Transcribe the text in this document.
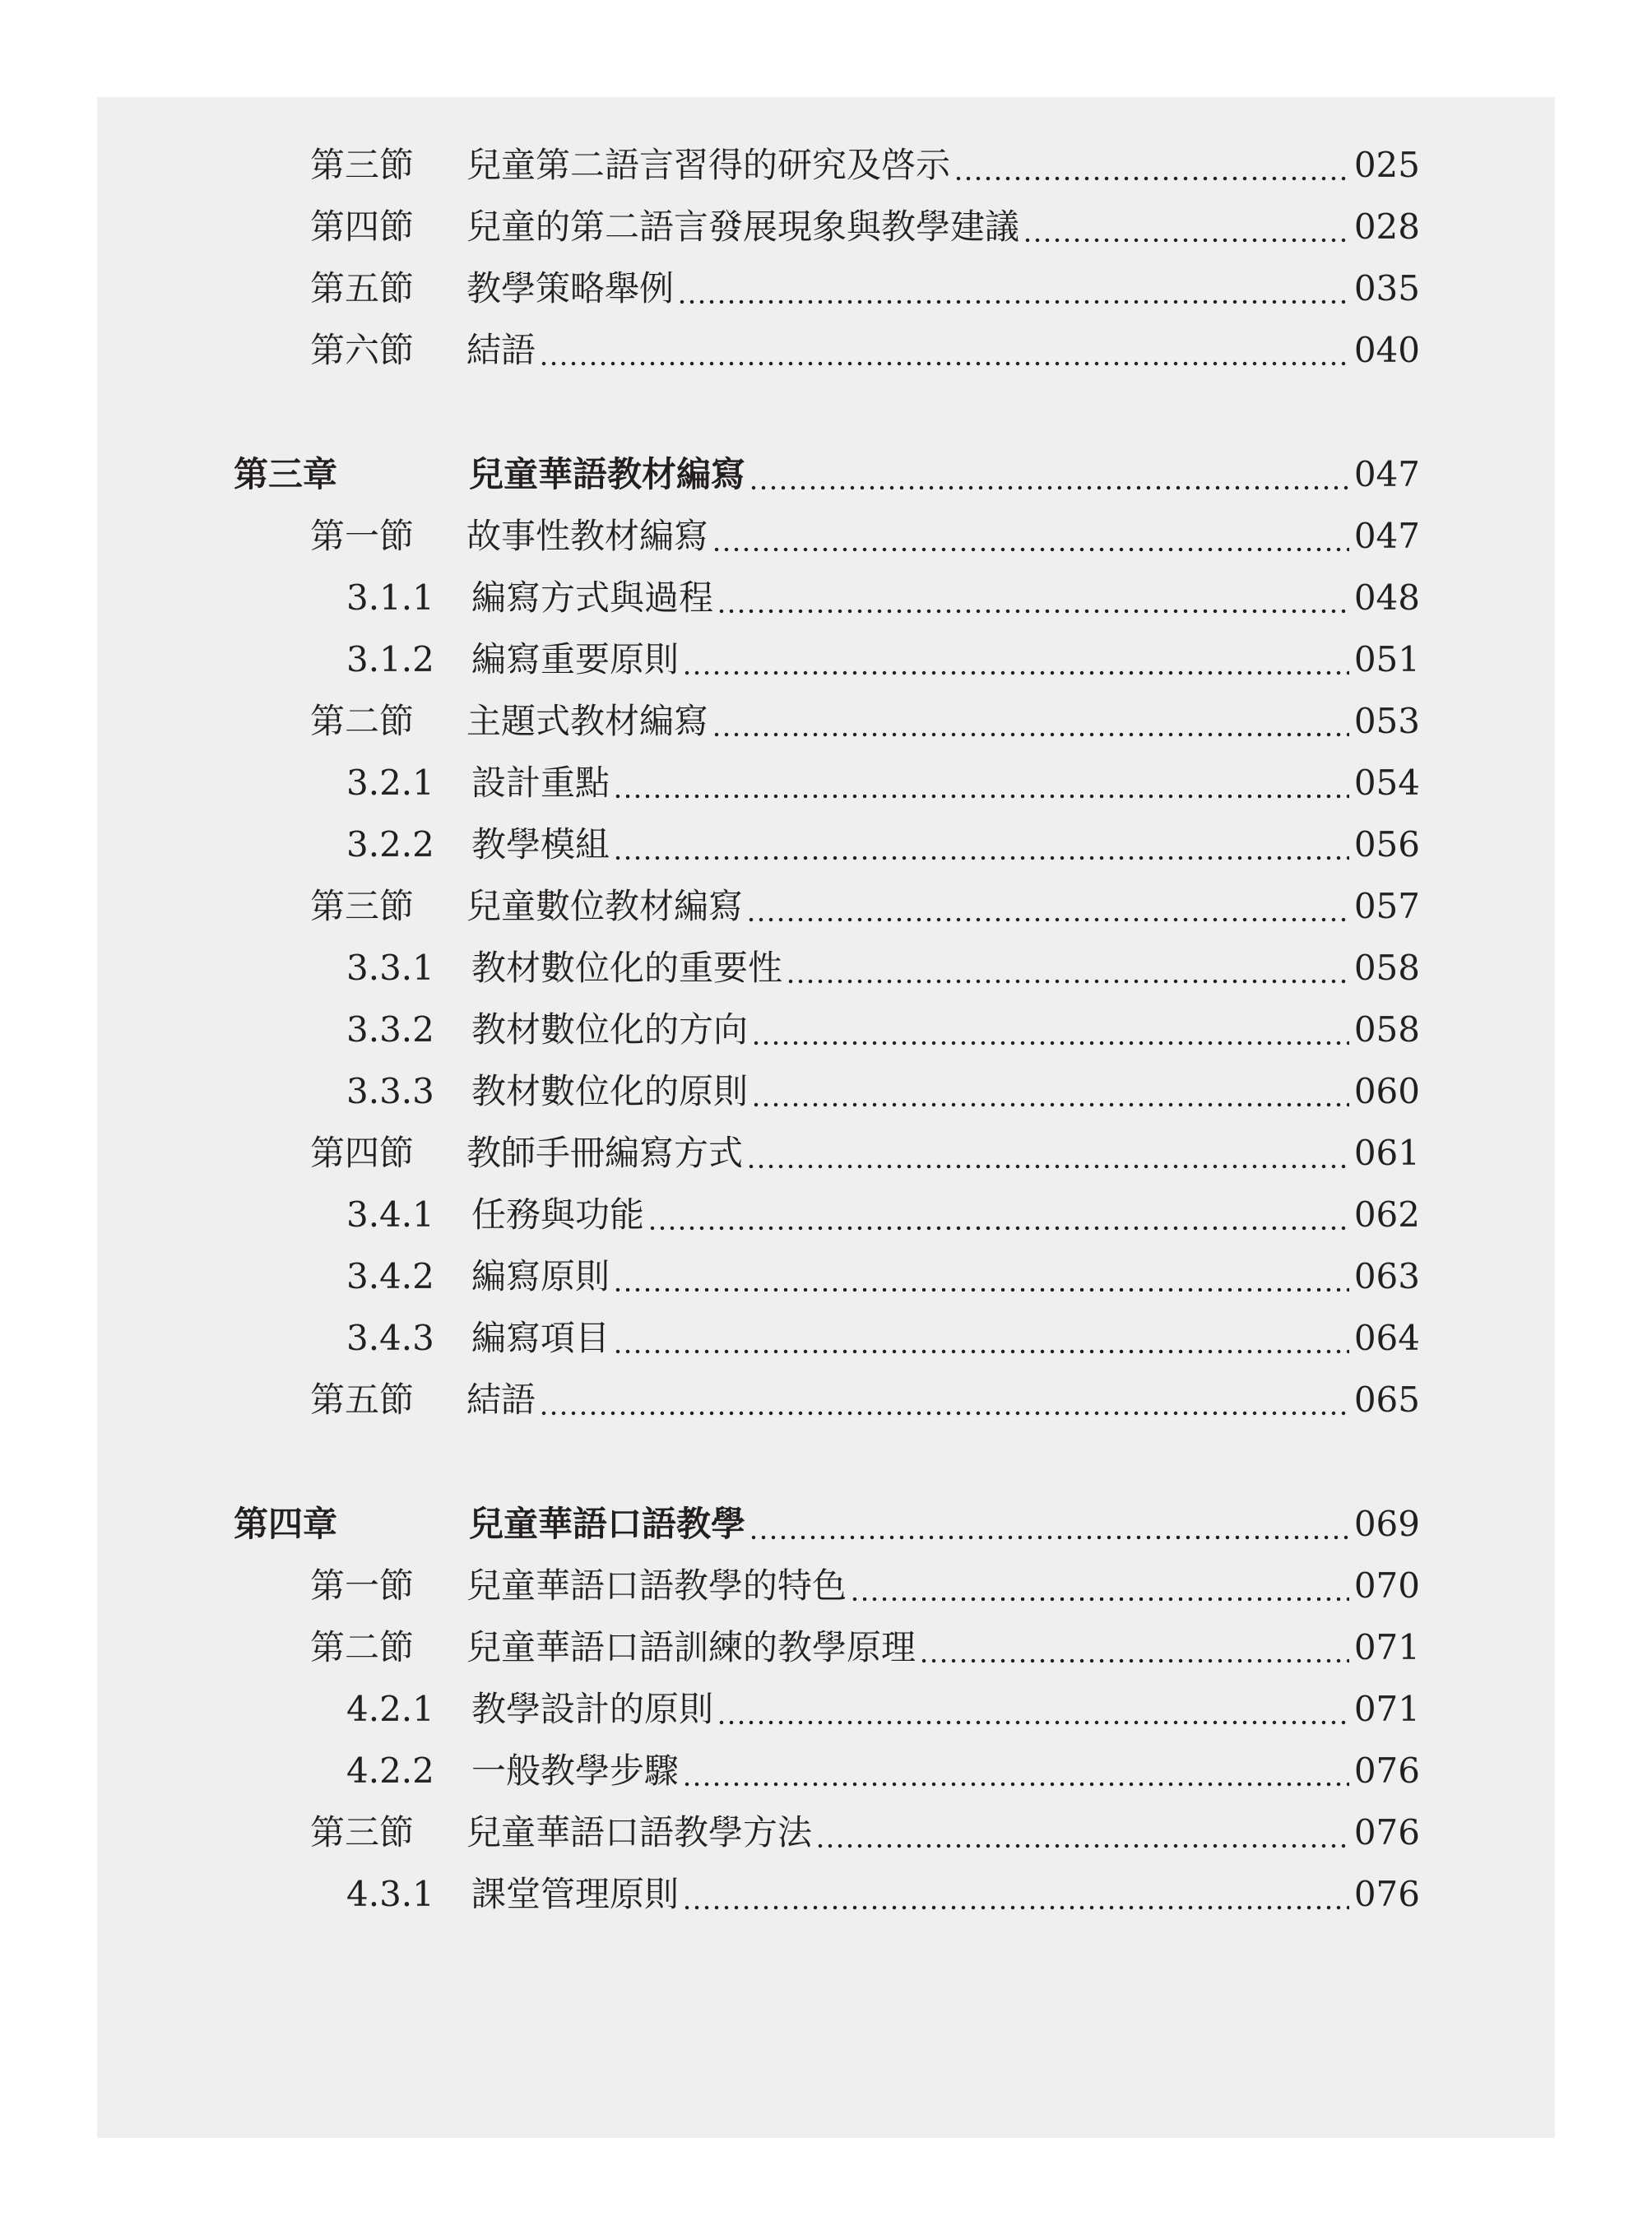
第三節	兒童第二語言習得的研究及啓示	025
第四節	兒童的第二語言發展現象與教學建議	028
第五節	教學策略舉例	035
第六節	結語	040
第三章	兒童華語教材編寫	047
第一節	故事性教材編寫	047
3.1.1	編寫方式與過程	048
3.1.2	編寫重要原則	051
第二節	主題式教材編寫	053
3.2.1	設計重點	054
3.2.2	教學模組	056
第三節	兒童數位教材編寫	057
3.3.1	教材數位化的重要性	058
3.3.2	教材數位化的方向	058
3.3.3	教材數位化的原則	060
第四節	教師手冊編寫方式	061
3.4.1	任務與功能	062
3.4.2	編寫原則	063
3.4.3	編寫項目	064
第五節	結語	065
第四章	兒童華語口語教學	069
第一節	兒童華語口語教學的特色	070
第二節	兒童華語口語訓練的教學原理	071
4.2.1	教學設計的原則	071
4.2.2	一般教學步驟	076
第三節	兒童華語口語教學方法	076
4.3.1	課堂管理原則	076
